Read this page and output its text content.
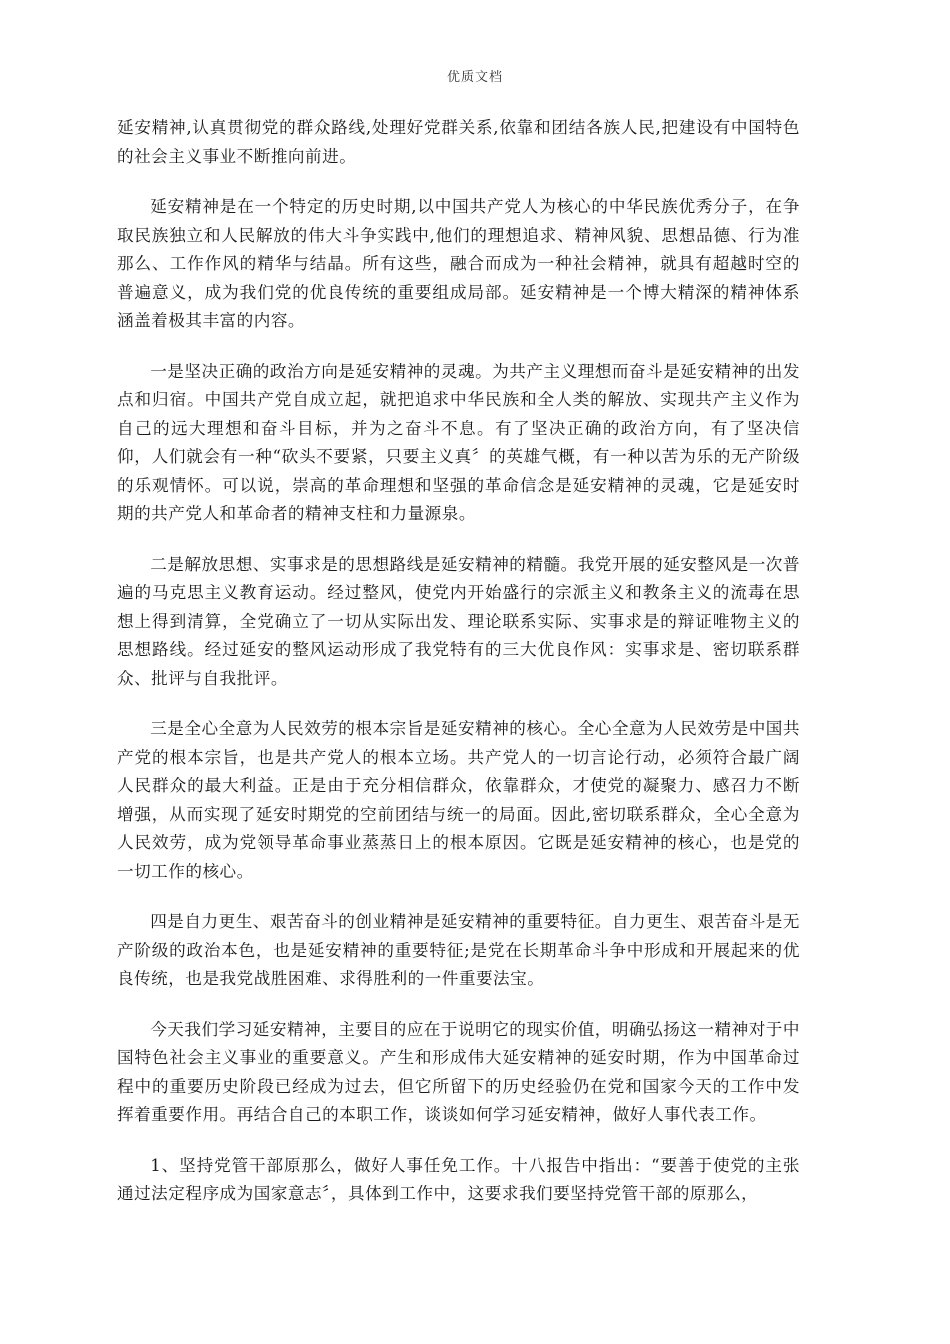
优质文档

延安精神,认真贯彻党的群众路线,处理好党群关系,依靠和团结各族人民,把建设有中国特色的社会主义事业不断推向前进。

延安精神是在一个特定的历史时期,以中国共产党人为核心的中华民族优秀分子，在争取民族独立和人民解放的伟大斗争实践中,他们的理想追求、精神风貌、思想品德、行为准那么、工作作风的精华与结晶。所有这些，融合而成为一种社会精神，就具有超越时空的普遍意义，成为我们党的优良传统的重要组成局部。延安精神是一个博大精深的精神体系涵盖着极其丰富的内容。

一是坚决正确的政治方向是延安精神的灵魂。为共产主义理想而奋斗是延安精神的出发点和归宿。中国共产党自成立起，就把追求中华民族和全人类的解放、实现共产主义作为自己的远大理想和奋斗目标，并为之奋斗不息。有了坚决正确的政治方向，有了坚决信仰，人们就会有一种“砍头不要紧，只要主义真〞的英雄气概，有一种以苦为乐的无产阶级的乐观情怀。可以说，崇高的革命理想和坚强的革命信念是延安精神的灵魂，它是延安时期的共产党人和革命者的精神支柱和力量源泉。

二是解放思想、实事求是的思想路线是延安精神的精髓。我党开展的延安整风是一次普遍的马克思主义教育运动。经过整风，使党内开始盛行的宗派主义和教条主义的流毒在思想上得到清算，全党确立了一切从实际出发、理论联系实际、实事求是的辩证唯物主义的思想路线。经过延安的整风运动形成了我党特有的三大优良作风：实事求是、密切联系群众、批评与自我批评。

三是全心全意为人民效劳的根本宗旨是延安精神的核心。全心全意为人民效劳是中国共产党的根本宗旨，也是共产党人的根本立场。共产党人的一切言论行动，必须符合最广阔人民群众的最大利益。正是由于充分相信群众，依靠群众，才使党的凝聚力、感召力不断增强，从而实现了延安时期党的空前团结与统一的局面。因此,密切联系群众，全心全意为人民效劳，成为党领导革命事业蒸蒸日上的根本原因。它既是延安精神的核心，也是党的一切工作的核心。

四是自力更生、艰苦奋斗的创业精神是延安精神的重要特征。自力更生、艰苦奋斗是无产阶级的政治本色，也是延安精神的重要特征;是党在长期革命斗争中形成和开展起来的优良传统，也是我党战胜困难、求得胜利的一件重要法宝。

今天我们学习延安精神，主要目的应在于说明它的现实价值，明确弘扬这一精神对于中国特色社会主义事业的重要意义。产生和形成伟大延安精神的延安时期，作为中国革命过程中的重要历史阶段已经成为过去，但它所留下的历史经验仍在党和国家今天的工作中发挥着重要作用。再结合自己的本职工作，谈谈如何学习延安精神，做好人事代表工作。

1、坚持党管干部原那么，做好人事任免工作。十八报告中指出：“要善于使党的主张通过法定程序成为国家意志〞，具体到工作中，这要求我们要坚持党管干部的原那么，
